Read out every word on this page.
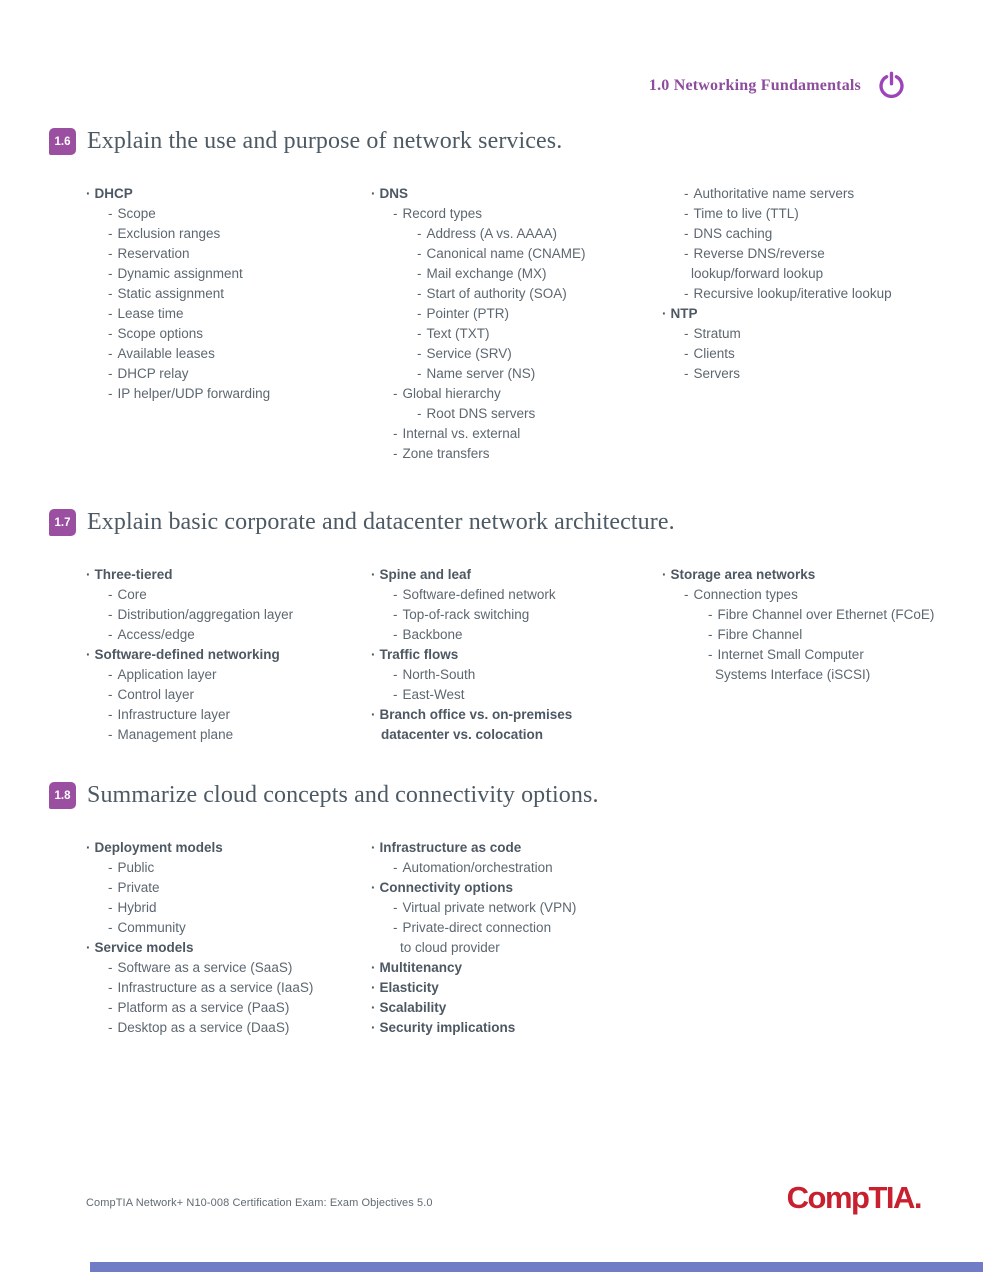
1.0 Networking Fundamentals
1.6 Explain the use and purpose of network services.
· DHCP
- Scope
- Exclusion ranges
- Reservation
- Dynamic assignment
- Static assignment
- Lease time
- Scope options
- Available leases
- DHCP relay
- IP helper/UDP forwarding
· DNS
- Record types
- Address (A vs. AAAA)
- Canonical name (CNAME)
- Mail exchange (MX)
- Start of authority (SOA)
- Pointer (PTR)
- Text (TXT)
- Service (SRV)
- Name server (NS)
- Global hierarchy
- Root DNS servers
- Internal vs. external
- Zone transfers
- Authoritative name servers
- Time to live (TTL)
- DNS caching
- Reverse DNS/reverse
lookup/forward lookup
- Recursive lookup/iterative lookup
· NTP
- Stratum
- Clients
- Servers
1.7 Explain basic corporate and datacenter network architecture.
· Three-tiered
- Core
- Distribution/aggregation layer
- Access/edge
· Software-defined networking
- Application layer
- Control layer
- Infrastructure layer
- Management plane
· Spine and leaf
- Software-defined network
- Top-of-rack switching
- Backbone
· Traffic flows
- North-South
- East-West
· Branch office vs. on-premises
datacenter vs. colocation
· Storage area networks
- Connection types
- Fibre Channel over Ethernet (FCoE)
- Fibre Channel
- Internet Small Computer
Systems Interface (iSCSI)
1.8 Summarize cloud concepts and connectivity options.
· Deployment models
- Public
- Private
- Hybrid
- Community
· Service models
- Software as a service (SaaS)
- Infrastructure as a service (IaaS)
- Platform as a service (PaaS)
- Desktop as a service (DaaS)
· Infrastructure as code
- Automation/orchestration
· Connectivity options
- Virtual private network (VPN)
- Private-direct connection
to cloud provider
· Multitenancy
· Elasticity
· Scalability
· Security implications
CompTIA Network+ N10-008 Certification Exam: Exam Objectives 5.0	CompTIA.
